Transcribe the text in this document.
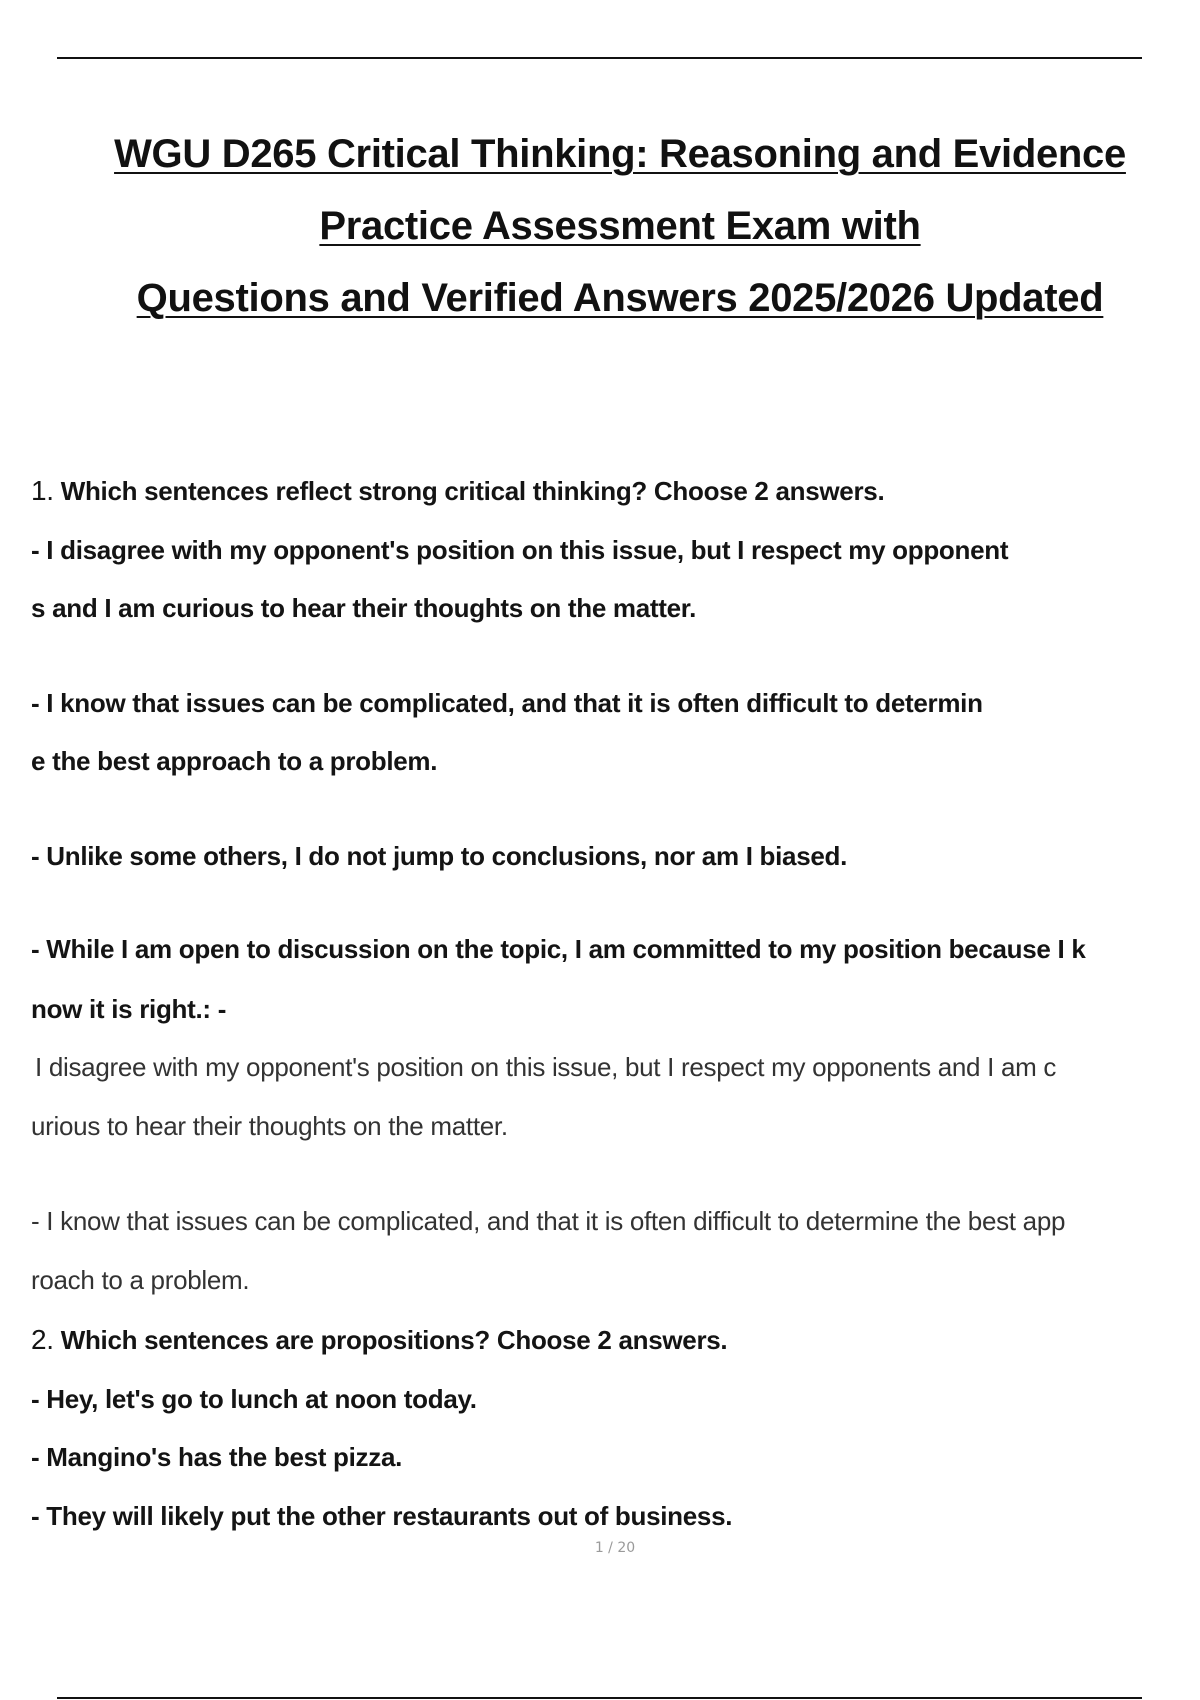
WGU D265 Critical Thinking: Reasoning and Evidence
Practice Assessment Exam with
Questions and Verified Answers 2025/2026 Updated
1. Which sentences reflect strong critical thinking? Choose 2 answers.
- I disagree with my opponent's position on this issue, but I respect my opponent
s and I am curious to hear their thoughts on the matter.
- I know that issues can be complicated, and that it is often difficult to determin
e the best approach to a problem.
- Unlike some others, I do not jump to conclusions, nor am I biased.
- While I am open to discussion on the topic, I am committed to my position because I k
now it is right.: -
I disagree with my opponent's position on this issue, but I respect my opponents and I am c
urious to hear their thoughts on the matter.
- I know that issues can be complicated, and that it is often difficult to determine the best app
roach to a problem.
2. Which sentences are propositions? Choose 2 answers.
- Hey, let's go to lunch at noon today.
- Mangino's has the best pizza.
- They will likely put the other restaurants out of business.
1 / 20
